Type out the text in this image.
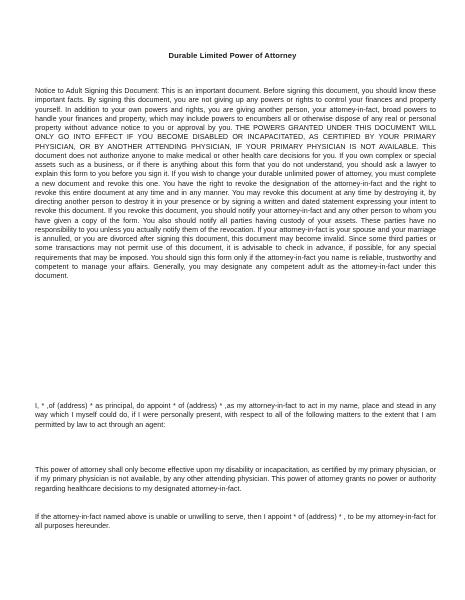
Durable Limited Power of Attorney

Notice to Adult Signing this Document: This is an important document. Before signing this document, you should know these important facts. By signing this document, you are not giving up any powers or rights to control your finances and property yourself. In addition to your own powers and rights, you are giving another person, your attorney-in-fact, broad powers to handle your finances and property, which may include powers to encumbers all or otherwise dispose of any real or personal property without advance notice to you or approval by you. THE POWERS GRANTED UNDER THIS DOCUMENT WILL ONLY GO INTO EFFECT IF YOU BECOME DISABLED OR INCAPACITATED, AS CERTIFIED BY YOUR PRIMARY PHYSICIAN, OR BY ANOTHER ATTENDING PHYSICIAN, IF YOUR PRIMARY PHYSICIAN IS NOT AVAILABLE. This document does not authorize anyone to make medical or other health care decisions for you. If you own complex or special assets such as a business, or if there is anything about this form that you do not understand, you should ask a lawyer to explain this form to you before you sign it. If you wish to change your durable unlimited power of attorney, you must complete a new document and revoke this one. You have the right to revoke the designation of the attorney-in-fact and the right to revoke this entire document at any time and in any manner. You may revoke this document at any time by destroying it, by directing another person to destroy it in your presence or by signing a written and dated statement expressing your intent to revoke this document. If you revoke this document, you should notify your attorney-in-fact and any other person to whom you have given a copy of the form. You also should notify all parties having custody of your assets. These parties have no responsibility to you unless you actually notify them of the revocation. If your attorney-in-fact is your spouse and your marriage is annulled, or you are divorced after signing this document, this document may become invalid. Since some third parties or some transactions may not permit use of this document, it is advisable to check in advance, if possible, for any special requirements that may be imposed. You should sign this form only if the attorney-in-fact you name is reliable, trustworthy and competent to manage your affairs. Generally, you may designate any competent adult as the attorney-in-fact under this document.

I, * ,of (address) * as principal, do appoint * of (address) * ,as my attorney-in-fact to act in my name, place and stead in any way which I myself could do, if I were personally present, with respect to all of the following matters to the extent that I am permitted by law to act through an agent:

This power of attorney shall only become effective upon my disability or incapacitation, as certified by my primary physician, or if my primary physician is not available, by any other attending physician. This power of attorney grants no power or authority regarding healthcare decisions to my designated attorney-in-fact.

If the attorney-in-fact named above is unable or unwilling to serve, then I appoint * of (address) * , to be my attorney-in-fact for all purposes hereunder.
